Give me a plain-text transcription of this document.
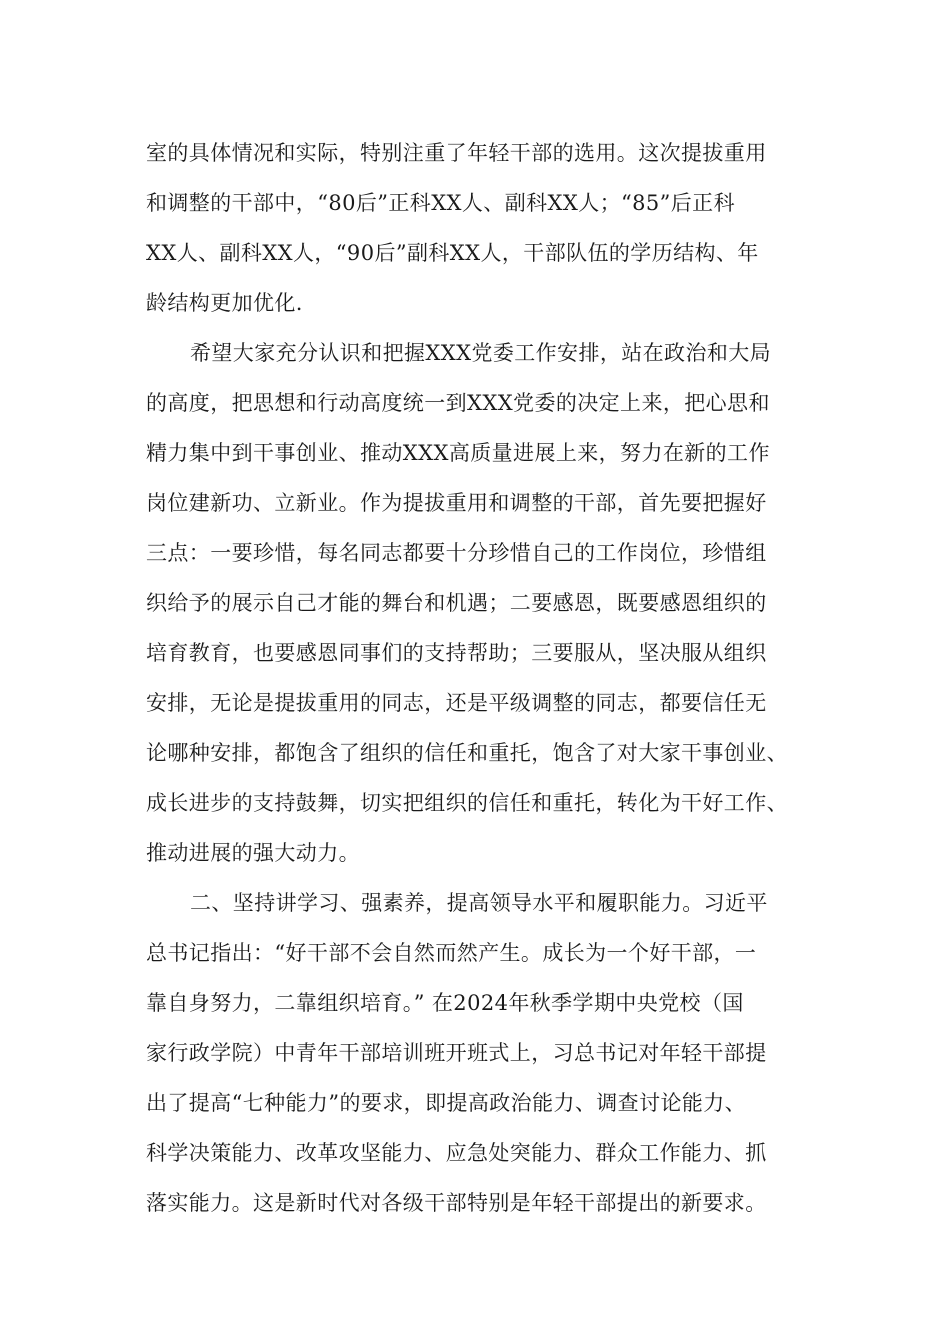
室的具体情况和实际，特别注重了年轻干部的选用。这次提拔重用
和调整的干部中，“80后”正科XX人、副科XX人；“85”后正科
XX人、副科XX人，“90后”副科XX人，干部队伍的学历结构、年
龄结构更加优化.
希望大家充分认识和把握XXX党委工作安排，站在政治和大局
的高度，把思想和行动高度统一到XXX党委的决定上来，把心思和
精力集中到干事创业、推动XXX高质量进展上来，努力在新的工作
岗位建新功、立新业。作为提拔重用和调整的干部，首先要把握好
三点：一要珍惜，每名同志都要十分珍惜自己的工作岗位，珍惜组
织给予的展示自己才能的舞台和机遇；二要感恩，既要感恩组织的
培育教育，也要感恩同事们的支持帮助；三要服从，坚决服从组织
安排，无论是提拔重用的同志，还是平级调整的同志，都要信任无
论哪种安排，都饱含了组织的信任和重托，饱含了对大家干事创业、
成长进步的支持鼓舞，切实把组织的信任和重托，转化为干好工作、
推动进展的强大动力。
二、坚持讲学习、强素养，提高领导水平和履职能力。习近平
总书记指出：“好干部不会自然而然产生。成长为一个好干部，一
靠自身努力，二靠组织培育。” 在2024年秋季学期中央党校（国
家行政学院）中青年干部培训班开班式上，习总书记对年轻干部提
出了提高“七种能力”的要求，即提高政治能力、调查讨论能力、
科学决策能力、改革攻坚能力、应急处突能力、群众工作能力、抓
落实能力。这是新时代对各级干部特别是年轻干部提出的新要求。
